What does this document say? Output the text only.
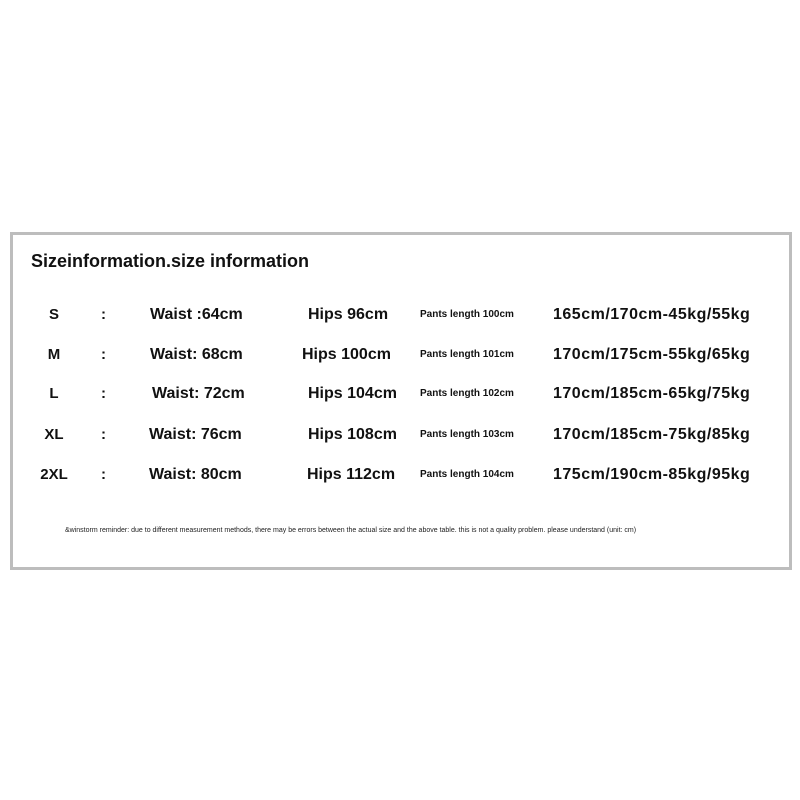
Sizeinformation.size information
S	:	Waist :64cm	Hips 96cm	Pants length 100cm 165cm/170cm-45kg/55kg
M	:	Waist: 68cm	Hips 100cm	Pants length 101cm 170cm/175cm-55kg/65kg
L	:	Waist: 72cm	Hips 104cm Pants length 102cm 170cm/185cm-65kg/75kg
XL	:	Waist: 76cm	Hips 108cm Pants length 103cm 170cm/185cm-75kg/85kg
2XL :	Waist: 80cm	Hips 112cm Pants length 104cm 175cm/190cm-85kg/95kg
&winstorm reminder: due to different measurement methods, there may be errors between the actual size and the above table. this is not a quality problem. please understand (unit: cm)
